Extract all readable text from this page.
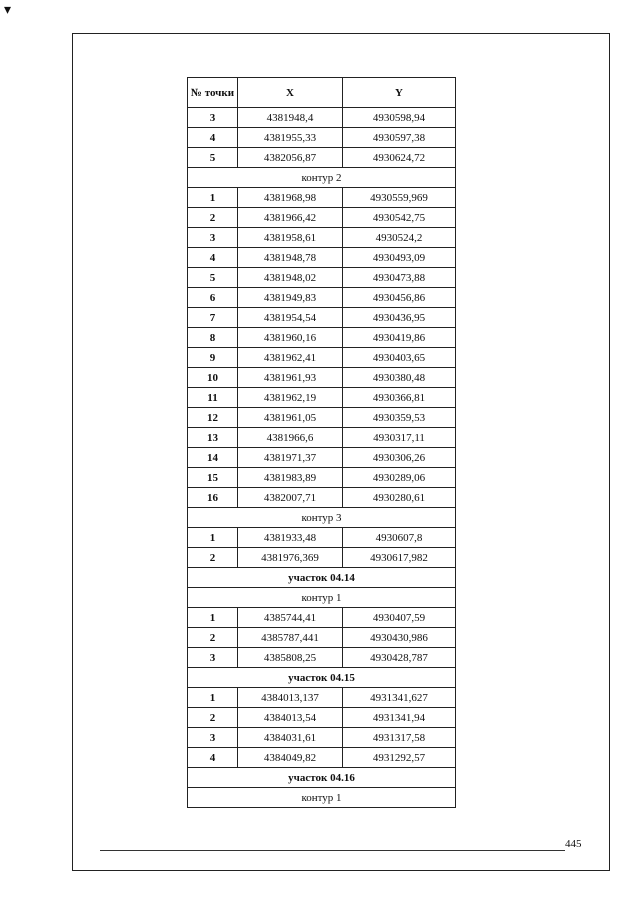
▾
№ точки	X	Y
3	4381948,4	4930598,94
4	4381955,33	4930597,38
5	4382056,87	4930624,72
контур 2		
1	4381968,98	4930559,969
2	4381966,42	4930542,75
3	4381958,61	4930524,2
4	4381948,78	4930493,09
5	4381948,02	4930473,88
6	4381949,83	4930456,86
7	4381954,54	4930436,95
8	4381960,16	4930419,86
9	4381962,41	4930403,65
10	4381961,93	4930380,48
11	4381962,19	4930366,81
12	4381961,05	4930359,53
13	4381966,6	4930317,11
14	4381971,37	4930306,26
15	4381983,89	4930289,06
16	4382007,71	4930280,61
контур 3		
1	4381933,48	4930607,8
2	4381976,369	4930617,982
участок 04.14		
контур 1		
1	4385744,41	4930407,59
2	4385787,441	4930430,986
3	4385808,25	4930428,787
участок 04.15		
1	4384013,137	4931341,627
2	4384013,54	4931341,94
3	4384031,61	4931317,58
4	4384049,82	4931292,57
участок 04.16		
контур 1		
445
